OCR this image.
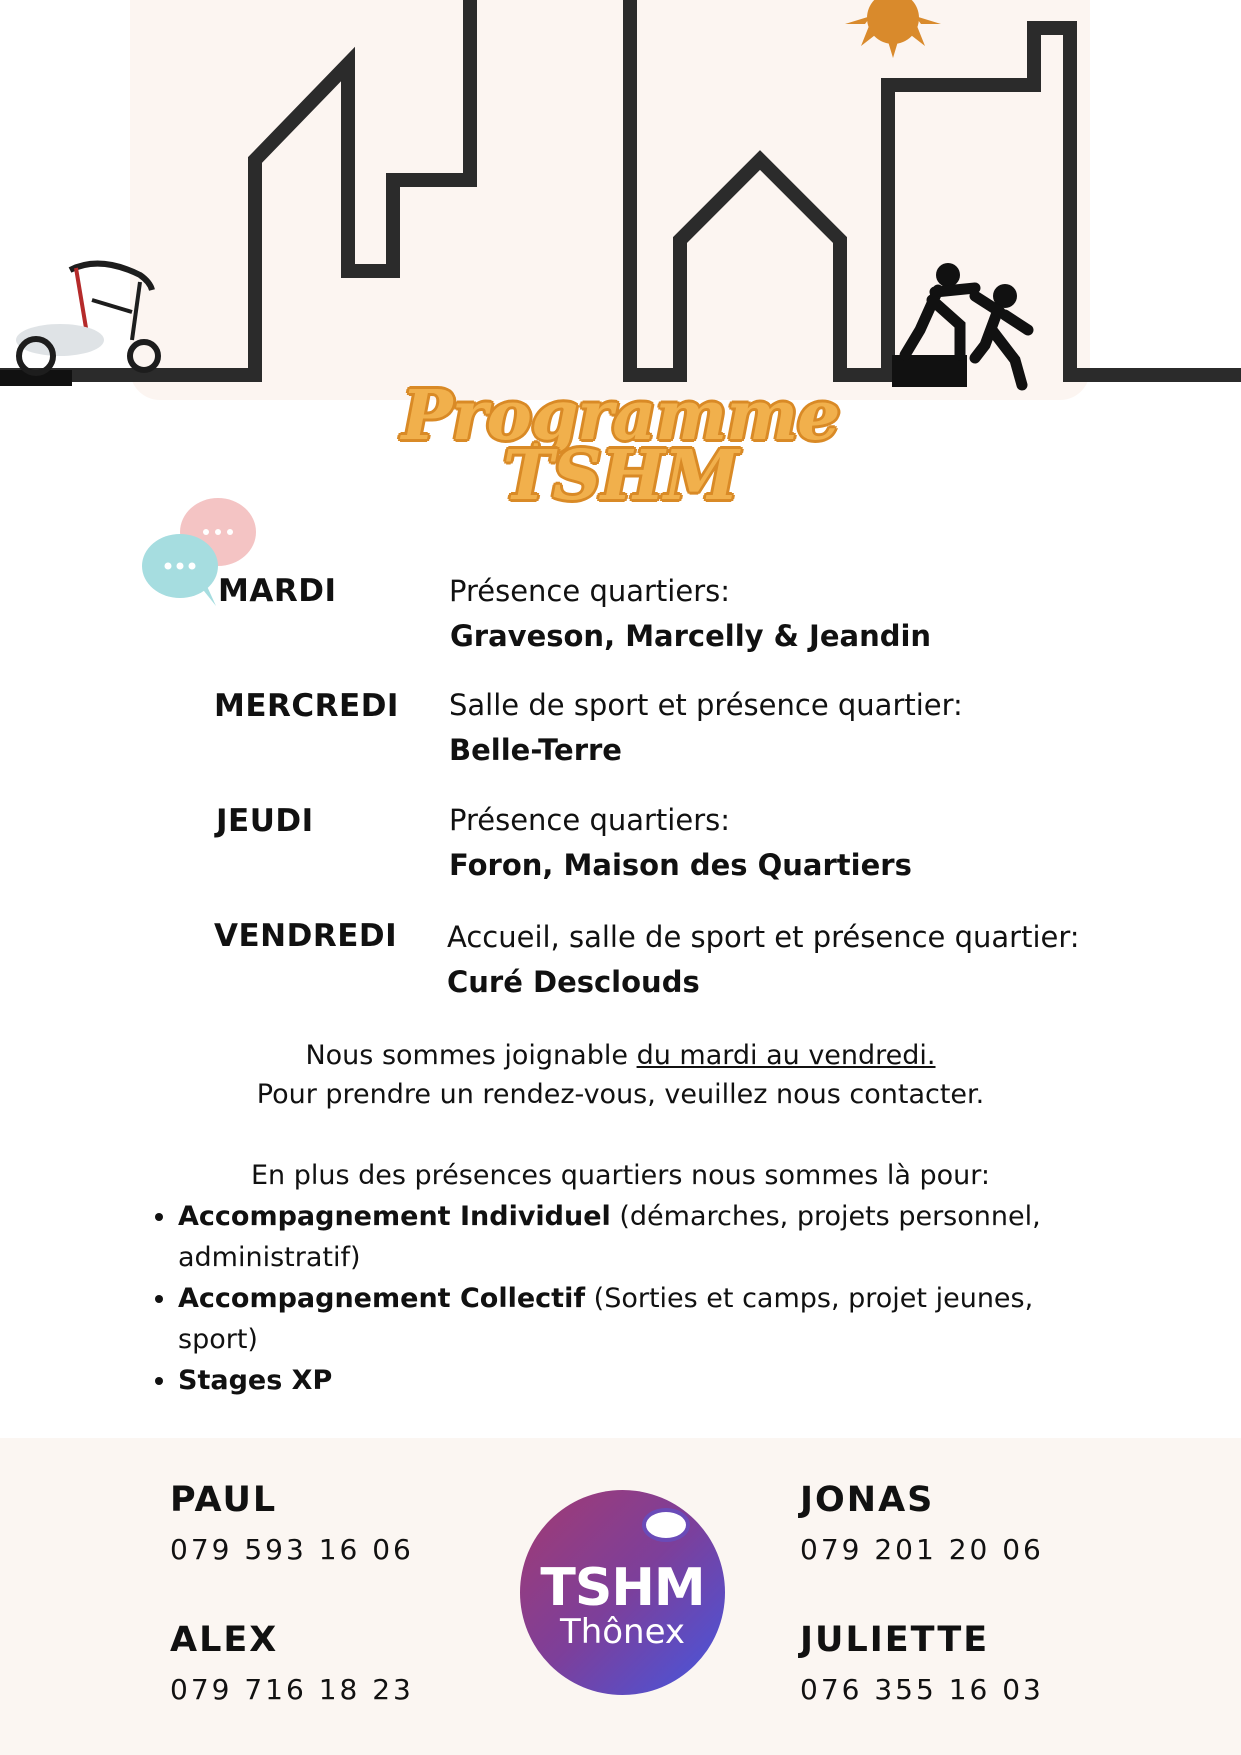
Programme
TSHM
MARDI	Présence quartiers:
Graveson, Marcelly & Jeandin
MERCREDI Salle de sport et présence quartier:
Belle-Terre
JEUDI	Présence quartiers:
Foron, Maison des Quartiers
VENDREDI Accueil, salle de sport et présence quartier:
Curé Desclouds
Nous sommes joignable du mardi au vendredi.
Pour prendre un rendez-vous, veuillez nous contacter.
En plus des présences quartiers nous sommes là pour:
• Accompagnement Individuel (démarches, projets personnel, administratif)
• Accompagnement Collectif (Sorties et camps, projet jeunes, sport)
• Stages XP
PAUL
079 593 16 06
ALEX
079 716 18 23
JONAS
079 201 20 06
JULIETTE
076 355 16 03
TSHM
Thônex
